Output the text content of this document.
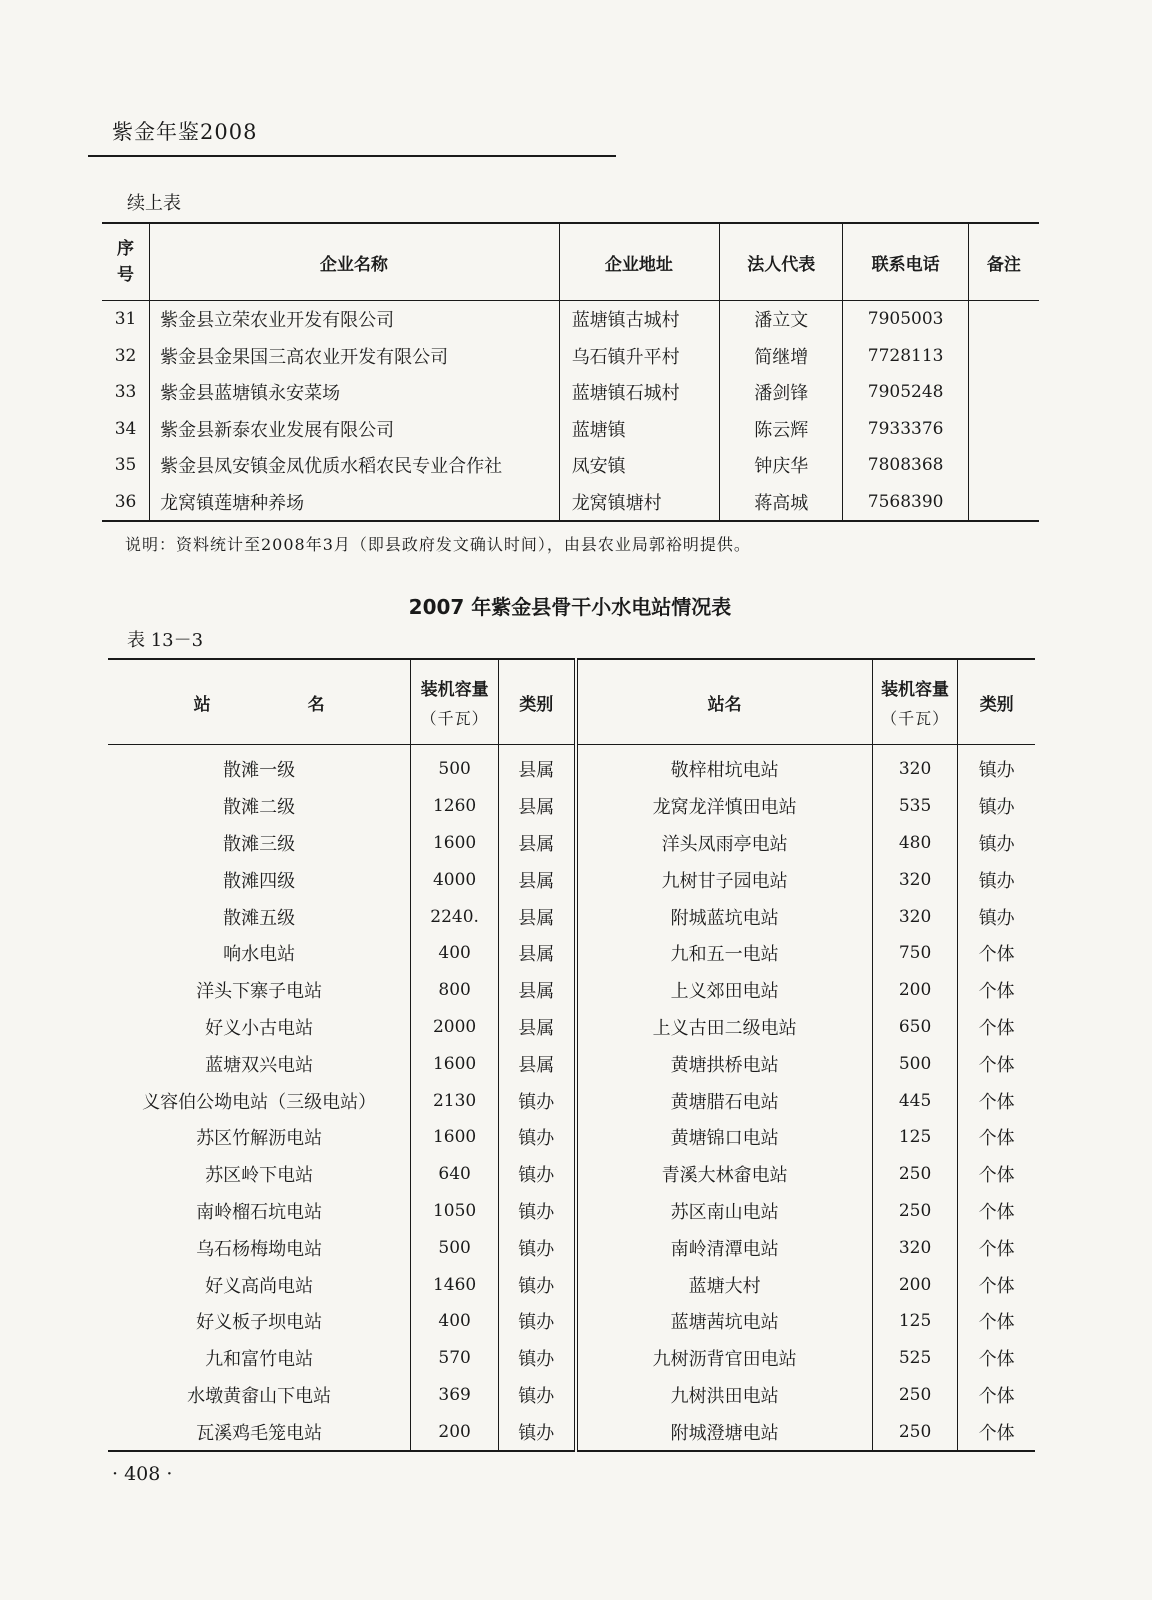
紫金年鉴2008
续上表
序
号	企业名称	企业地址	法人代表	联系电话	备注
31	紫金县立荣农业开发有限公司	蓝塘镇古城村	潘立文	7905003	
32	紫金县金果国三高农业开发有限公司	乌石镇升平村	简继增	7728113	
33	紫金县蓝塘镇永安菜场	蓝塘镇石城村	潘剑锋	7905248	
34	紫金县新泰农业发展有限公司	蓝塘镇	陈云辉	7933376	
35	紫金县凤安镇金凤优质水稻农民专业合作社	凤安镇	钟庆华	7808368	
36	龙窝镇莲塘种养场	龙窝镇塘村	蒋高城	7568390	
说明：资料统计至2008年3月（即县政府发文确认时间），由县农业局郭裕明提供。
2007 年紫金县骨干小水电站情况表
表 13－3
站　名	装机容量
（千瓦）	类别	站名	装机容量
（千瓦）	类别
散滩一级	500	县属	敬梓柑坑电站	320	镇办
散滩二级	1260	县属	龙窝龙洋慎田电站	535	镇办
散滩三级	1600	县属	洋头凤雨亭电站	480	镇办
散滩四级	4000	县属	九树甘子园电站	320	镇办
散滩五级	2240.	县属	附城蓝坑电站	320	镇办
响水电站	400	县属	九和五一电站	750	个体
洋头下寨子电站	800	县属	上义郊田电站	200	个体
好义小古电站	2000	县属	上义古田二级电站	650	个体
蓝塘双兴电站	1600	县属	黄塘拱桥电站	500	个体
义容伯公坳电站（三级电站）	2130	镇办	黄塘腊石电站	445	个体
苏区竹解沥电站	1600	镇办	黄塘锦口电站	125	个体
苏区岭下电站	640	镇办	青溪大林畲电站	250	个体
南岭榴石坑电站	1050	镇办	苏区南山电站	250	个体
乌石杨梅坳电站	500	镇办	南岭清潭电站	320	个体
好义高尚电站	1460	镇办	蓝塘大村	200	个体
好义板子坝电站	400	镇办	蓝塘茜坑电站	125	个体
九和富竹电站	570	镇办	九树沥背官田电站	525	个体
水墩黄畲山下电站	369	镇办	九树洪田电站	250	个体
瓦溪鸡毛笼电站	200	镇办	附城澄塘电站	250	个体
· 408 ·
